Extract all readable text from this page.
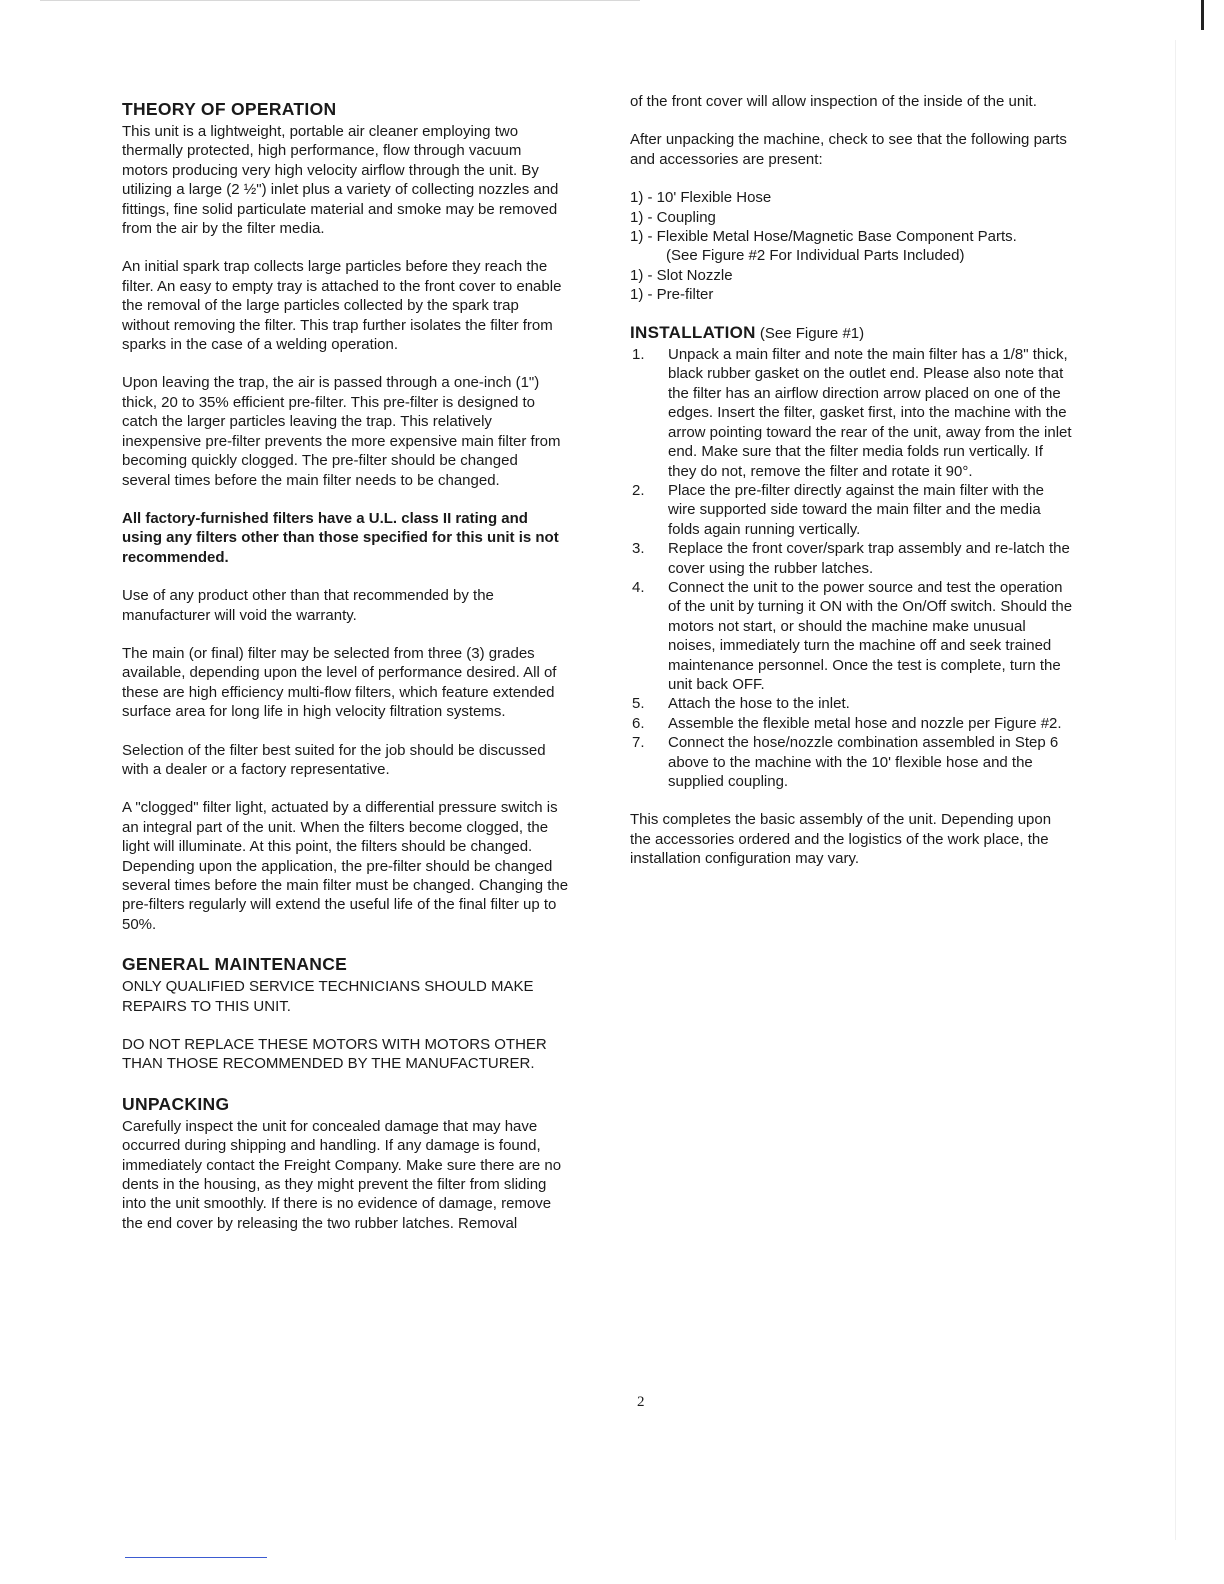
THEORY OF OPERATION

This unit is a lightweight, portable air cleaner employing two thermally protected, high performance, flow through vacuum motors producing very high velocity airflow through the unit. By utilizing a large (2 ½") inlet plus a variety of collecting nozzles and fittings, fine solid particulate material and smoke may be removed from the air by the filter media.

An initial spark trap collects large particles before they reach the filter. An easy to empty tray is attached to the front cover to enable the removal of the large particles collected by the spark trap without removing the filter. This trap further isolates the filter from sparks in the case of a welding operation.

Upon leaving the trap, the air is passed through a one-inch (1") thick, 20 to 35% efficient pre-filter. This pre-filter is designed to catch the larger particles leaving the trap. This relatively inexpensive pre-filter prevents the more expensive main filter from becoming quickly clogged. The pre-filter should be changed several times before the main filter needs to be changed.

All factory-furnished filters have a U.L. class II rating and using any filters other than those specified for this unit is not recommended.

Use of any product other than that recommended by the manufacturer will void the warranty.

The main (or final) filter may be selected from three (3) grades available, depending upon the level of performance desired. All of these are high efficiency multi-flow filters, which feature extended surface area for long life in high velocity filtration systems.

Selection of the filter best suited for the job should be discussed with a dealer or a factory representative.

A "clogged" filter light, actuated by a differential pressure switch is an integral part of the unit. When the filters become clogged, the light will illuminate. At this point, the filters should be changed. Depending upon the application, the pre-filter should be changed several times before the main filter must be changed. Changing the pre-filters regularly will extend the useful life of the final filter up to 50%.

GENERAL MAINTENANCE

ONLY QUALIFIED SERVICE TECHNICIANS SHOULD MAKE REPAIRS TO THIS UNIT.

DO NOT REPLACE THESE MOTORS WITH MOTORS OTHER THAN THOSE RECOMMENDED BY THE MANUFACTURER.

UNPACKING

Carefully inspect the unit for concealed damage that may have occurred during shipping and handling. If any damage is found, immediately contact the Freight Company. Make sure there are no dents in the housing, as they might prevent the filter from sliding into the unit smoothly. If there is no evidence of damage, remove the end cover by releasing the two rubber latches. Removal

of the front cover will allow inspection of the inside of the unit.

After unpacking the machine, check to see that the following parts and accessories are present:

1) - 10' Flexible Hose
1) - Coupling
1) - Flexible Metal Hose/Magnetic Base Component Parts.
(See Figure #2 For Individual Parts Included)
1) - Slot Nozzle
1) - Pre-filter
INSTALLATION (See Figure #1)
1.	Unpack a main filter and note the main filter has a 1/8" thick, black rubber gasket on the outlet end. Please also note that the filter has an airflow direction arrow placed on one of the edges. Insert the filter, gasket first, into the machine with the arrow pointing toward the rear of the unit, away from the inlet end. Make sure that the filter media folds run vertically. If they do not, remove the filter and rotate it 90°.
2.	Place the pre-filter directly against the main filter with the wire supported side toward the main filter and the media folds again running vertically.
3.	Replace the front cover/spark trap assembly and re-latch the cover using the rubber latches.
4.	Connect the unit to the power source and test the operation of the unit by turning it ON with the On/Off switch. Should the motors not start, or should the machine make unusual noises, immediately turn the machine off and seek trained maintenance personnel. Once the test is complete, turn the unit back OFF.
5.	Attach the hose to the inlet.
6.	Assemble the flexible metal hose and nozzle per Figure #2.
7.	Connect the hose/nozzle combination assembled in Step 6 above to the machine with the 10' flexible hose and the supplied coupling.

This completes the basic assembly of the unit. Depending upon the accessories ordered and the logistics of the work place, the installation configuration may vary.

2
